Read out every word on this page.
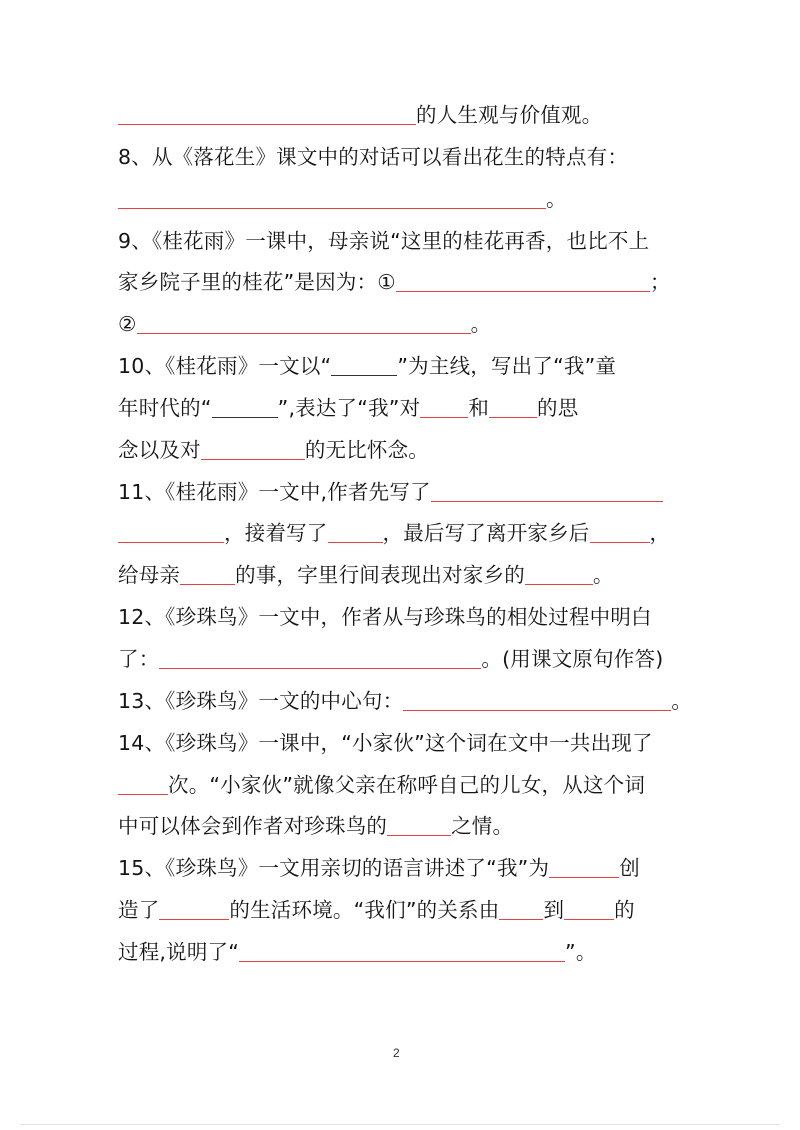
的人生观与价值观。
8、从《落花生》课文中的对话可以看出花生的特点有：
。
9、《桂花雨》一课中，母亲说“这里的桂花再香，也比不上
家乡院子里的桂花”是因为：①	；
②	。
10、《桂花雨》一文以“	”为主线，写出了“我”童
年时代的“	”,表达了“我”对 和 的思
念以及对	的无比怀念。
11、《桂花雨》一文中,作者先写了
，接着写了	，最后写了离开家乡后	，
给母亲	的事，字里行间表现出对家乡的	。
12、《珍珠鸟》一文中，作者从与珍珠鸟的相处过程中明白
了：	。(用课文原句作答)
13、《珍珠鸟》一文的中心句：	。
14、《珍珠鸟》一课中，“小家伙”这个词在文中一共出现了
次。“小家伙”就像父亲在称呼自己的儿女，从这个词
中可以体会到作者对珍珠鸟的	之情。
15、《珍珠鸟》一文用亲切的语言讲述了“我”为	创
造了	的生活环境。“我们”的关系由 到 的
过程,说明了“	”。
2
